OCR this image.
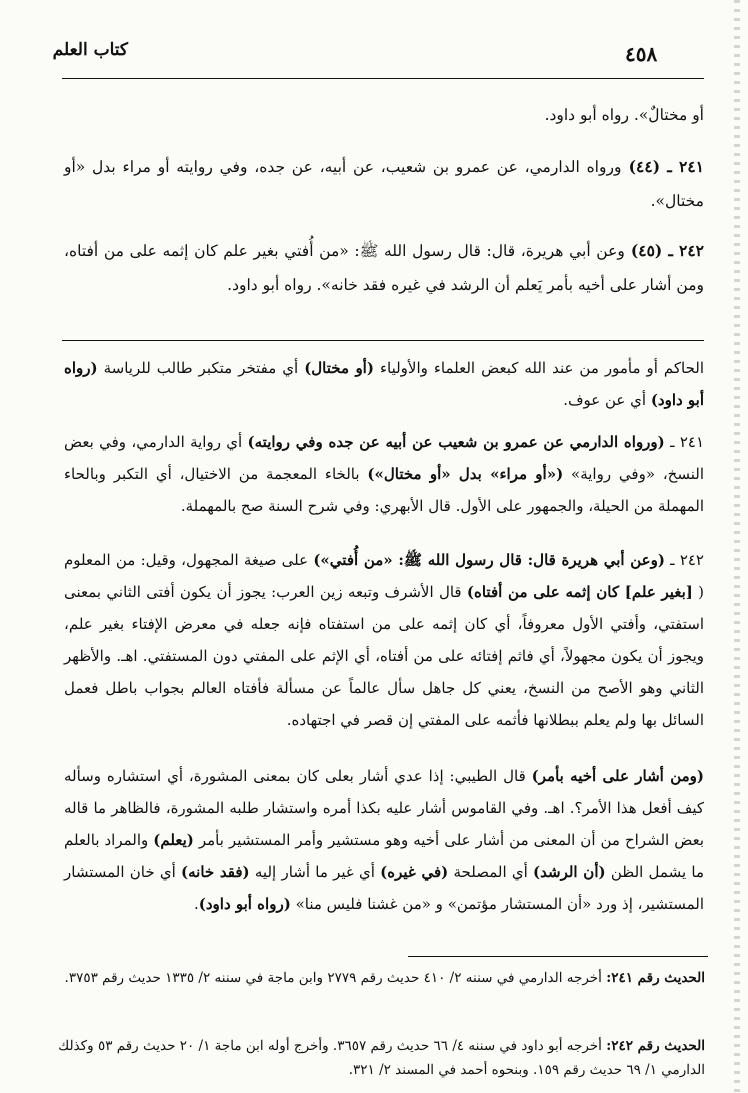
كتاب العلم	٤٥٨
أو مختالٌ». رواه أبو داود.
٢٤١ ـ (٤٤) ورواه الدارمي، عن عمرو بن شعيب، عن أبيه، عن جده، وفي روايته أو مراء بدل «أو مختال».
٢٤٢ ـ (٤٥) وعن أبي هريرة، قال: قال رسول الله ﷺ: «من أُفتي بغير علم كان إثمه على من أفتاه، ومن أشار على أخيه بأمر يَعلم أن الرشد في غيره فقد خانه». رواه أبو داود.
الحاكم أو مأمور من عند الله كبعض العلماء والأولياء (أو مختال) أي مفتخر متكبر طالب للرياسة (رواه أبو داود) أي عن عوف.
٢٤١ ـ (ورواه الدارمي عن عمرو بن شعيب عن أبيه عن جده وفي روايته) أي رواية الدارمي، وفي بعض النسخ، «وفي رواية» («أو مراء» بدل «أو مختال») بالخاء المعجمة من الاختيال، أي التكبر وبالحاء المهملة من الحيلة، والجمهور على الأول. قال الأبهري: وفي شرح السنة صح بالمهملة.
٢٤٢ ـ (وعن أبي هريرة قال: قال رسول الله ﷺ: «من أُفتي») على صيغة المجهول، وقيل: من المعلوم ( [بغير علم] كان إثمه على من أفتاه) قال الأشرف وتبعه زين العرب: يجوز أن يكون أفتى الثاني بمعنى استفتي، وأفتي الأول معروفاً، أي كان إثمه على من استفتاه فإنه جعله في معرض الإفتاء بغير علم، ويجوز أن يكون مجهولاً، أي فاثم إفتائه على من أفتاه، أي الإثم على المفتي دون المستفتي. اهـ. والأظهر الثاني وهو الأصح من النسخ، يعني كل جاهل سأل عالماً عن مسألة فأفتاه العالم بجواب باطل فعمل السائل بها ولم يعلم ببطلانها فأثمه على المفتي إن قصر في اجتهاده.
(ومن أشار على أخيه بأمر) قال الطيبي: إذا عدي أشار بعلى كان بمعنى المشورة، أي استشاره وسأله كيف أفعل هذا الأمر؟. اهـ. وفي القاموس أشار عليه بكذا أمره واستشار طلبه المشورة، فالظاهر ما قاله بعض الشراح من أن المعنى من أشار على أخيه وهو مستشير وأمر المستشير بأمر (يعلم) والمراد بالعلم ما يشمل الظن (أن الرشد) أي المصلحة (في غيره) أي غير ما أشار إليه (فقد خانه) أي خان المستشار المستشير، إذ ورد «أن المستشار مؤتمن» و «من غشنا فليس منا» (رواه أبو داود).
الحديث رقم ٢٤١: أخرجه الدارمي في سننه ٢/ ٤١٠ حديث رقم ٢٧٧٩ وابن ماجة في سننه ٢/ ١٣٣٥ حديث رقم ٣٧٥٣.
الحديث رقم ٢٤٢: أخرجه أبو داود في سننه ٤/ ٦٦ حديث رقم ٣٦٥٧. وأخرج أوله ابن ماجة ١/ ٢٠ حديث رقم ٥٣ وكذلك الدارمي ١/ ٦٩ حديث رقم ١٥٩. وبنحوه أحمد في المسند ٢/ ٣٢١.
